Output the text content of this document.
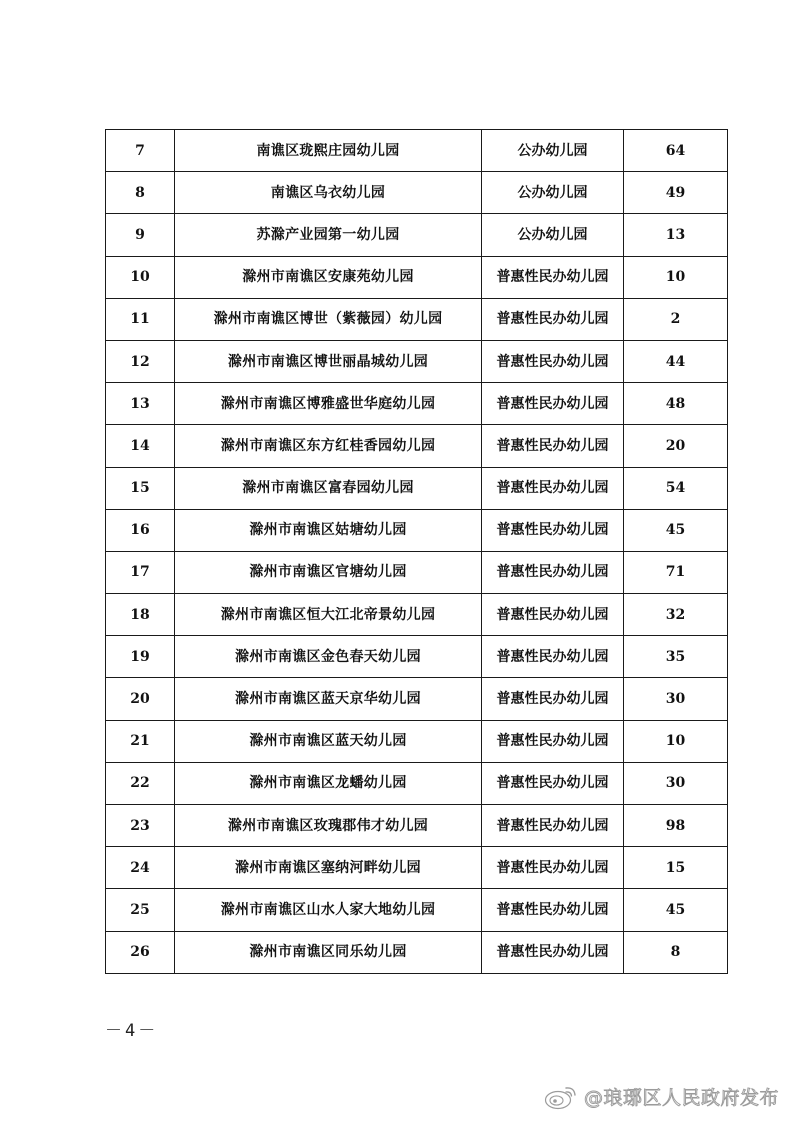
7	南谯区珑熙庄园幼儿园	公办幼儿园	64
8	南谯区乌衣幼儿园	公办幼儿园	49
9	苏滁产业园第一幼儿园	公办幼儿园	13
10	滁州市南谯区安康苑幼儿园	普惠性民办幼儿园	10
11	滁州市南谯区博世（紫薇园）幼儿园	普惠性民办幼儿园	2
12	滁州市南谯区博世丽晶城幼儿园	普惠性民办幼儿园	44
13	滁州市南谯区博雅盛世华庭幼儿园	普惠性民办幼儿园	48
14	滁州市南谯区东方红桂香园幼儿园	普惠性民办幼儿园	20
15	滁州市南谯区富春园幼儿园	普惠性民办幼儿园	54
16	滁州市南谯区姑塘幼儿园	普惠性民办幼儿园	45
17	滁州市南谯区官塘幼儿园	普惠性民办幼儿园	71
18	滁州市南谯区恒大江北帝景幼儿园	普惠性民办幼儿园	32
19	滁州市南谯区金色春天幼儿园	普惠性民办幼儿园	35
20	滁州市南谯区蓝天京华幼儿园	普惠性民办幼儿园	30
21	滁州市南谯区蓝天幼儿园	普惠性民办幼儿园	10
22	滁州市南谯区龙蟠幼儿园	普惠性民办幼儿园	30
23	滁州市南谯区玫瑰郡伟才幼儿园	普惠性民办幼儿园	98
24	滁州市南谯区塞纳河畔幼儿园	普惠性民办幼儿园	15
25	滁州市南谯区山水人家大地幼儿园	普惠性民办幼儿园	45
26	滁州市南谯区同乐幼儿园	普惠性民办幼儿园	8
－4－
@琅琊区人民政府发布
